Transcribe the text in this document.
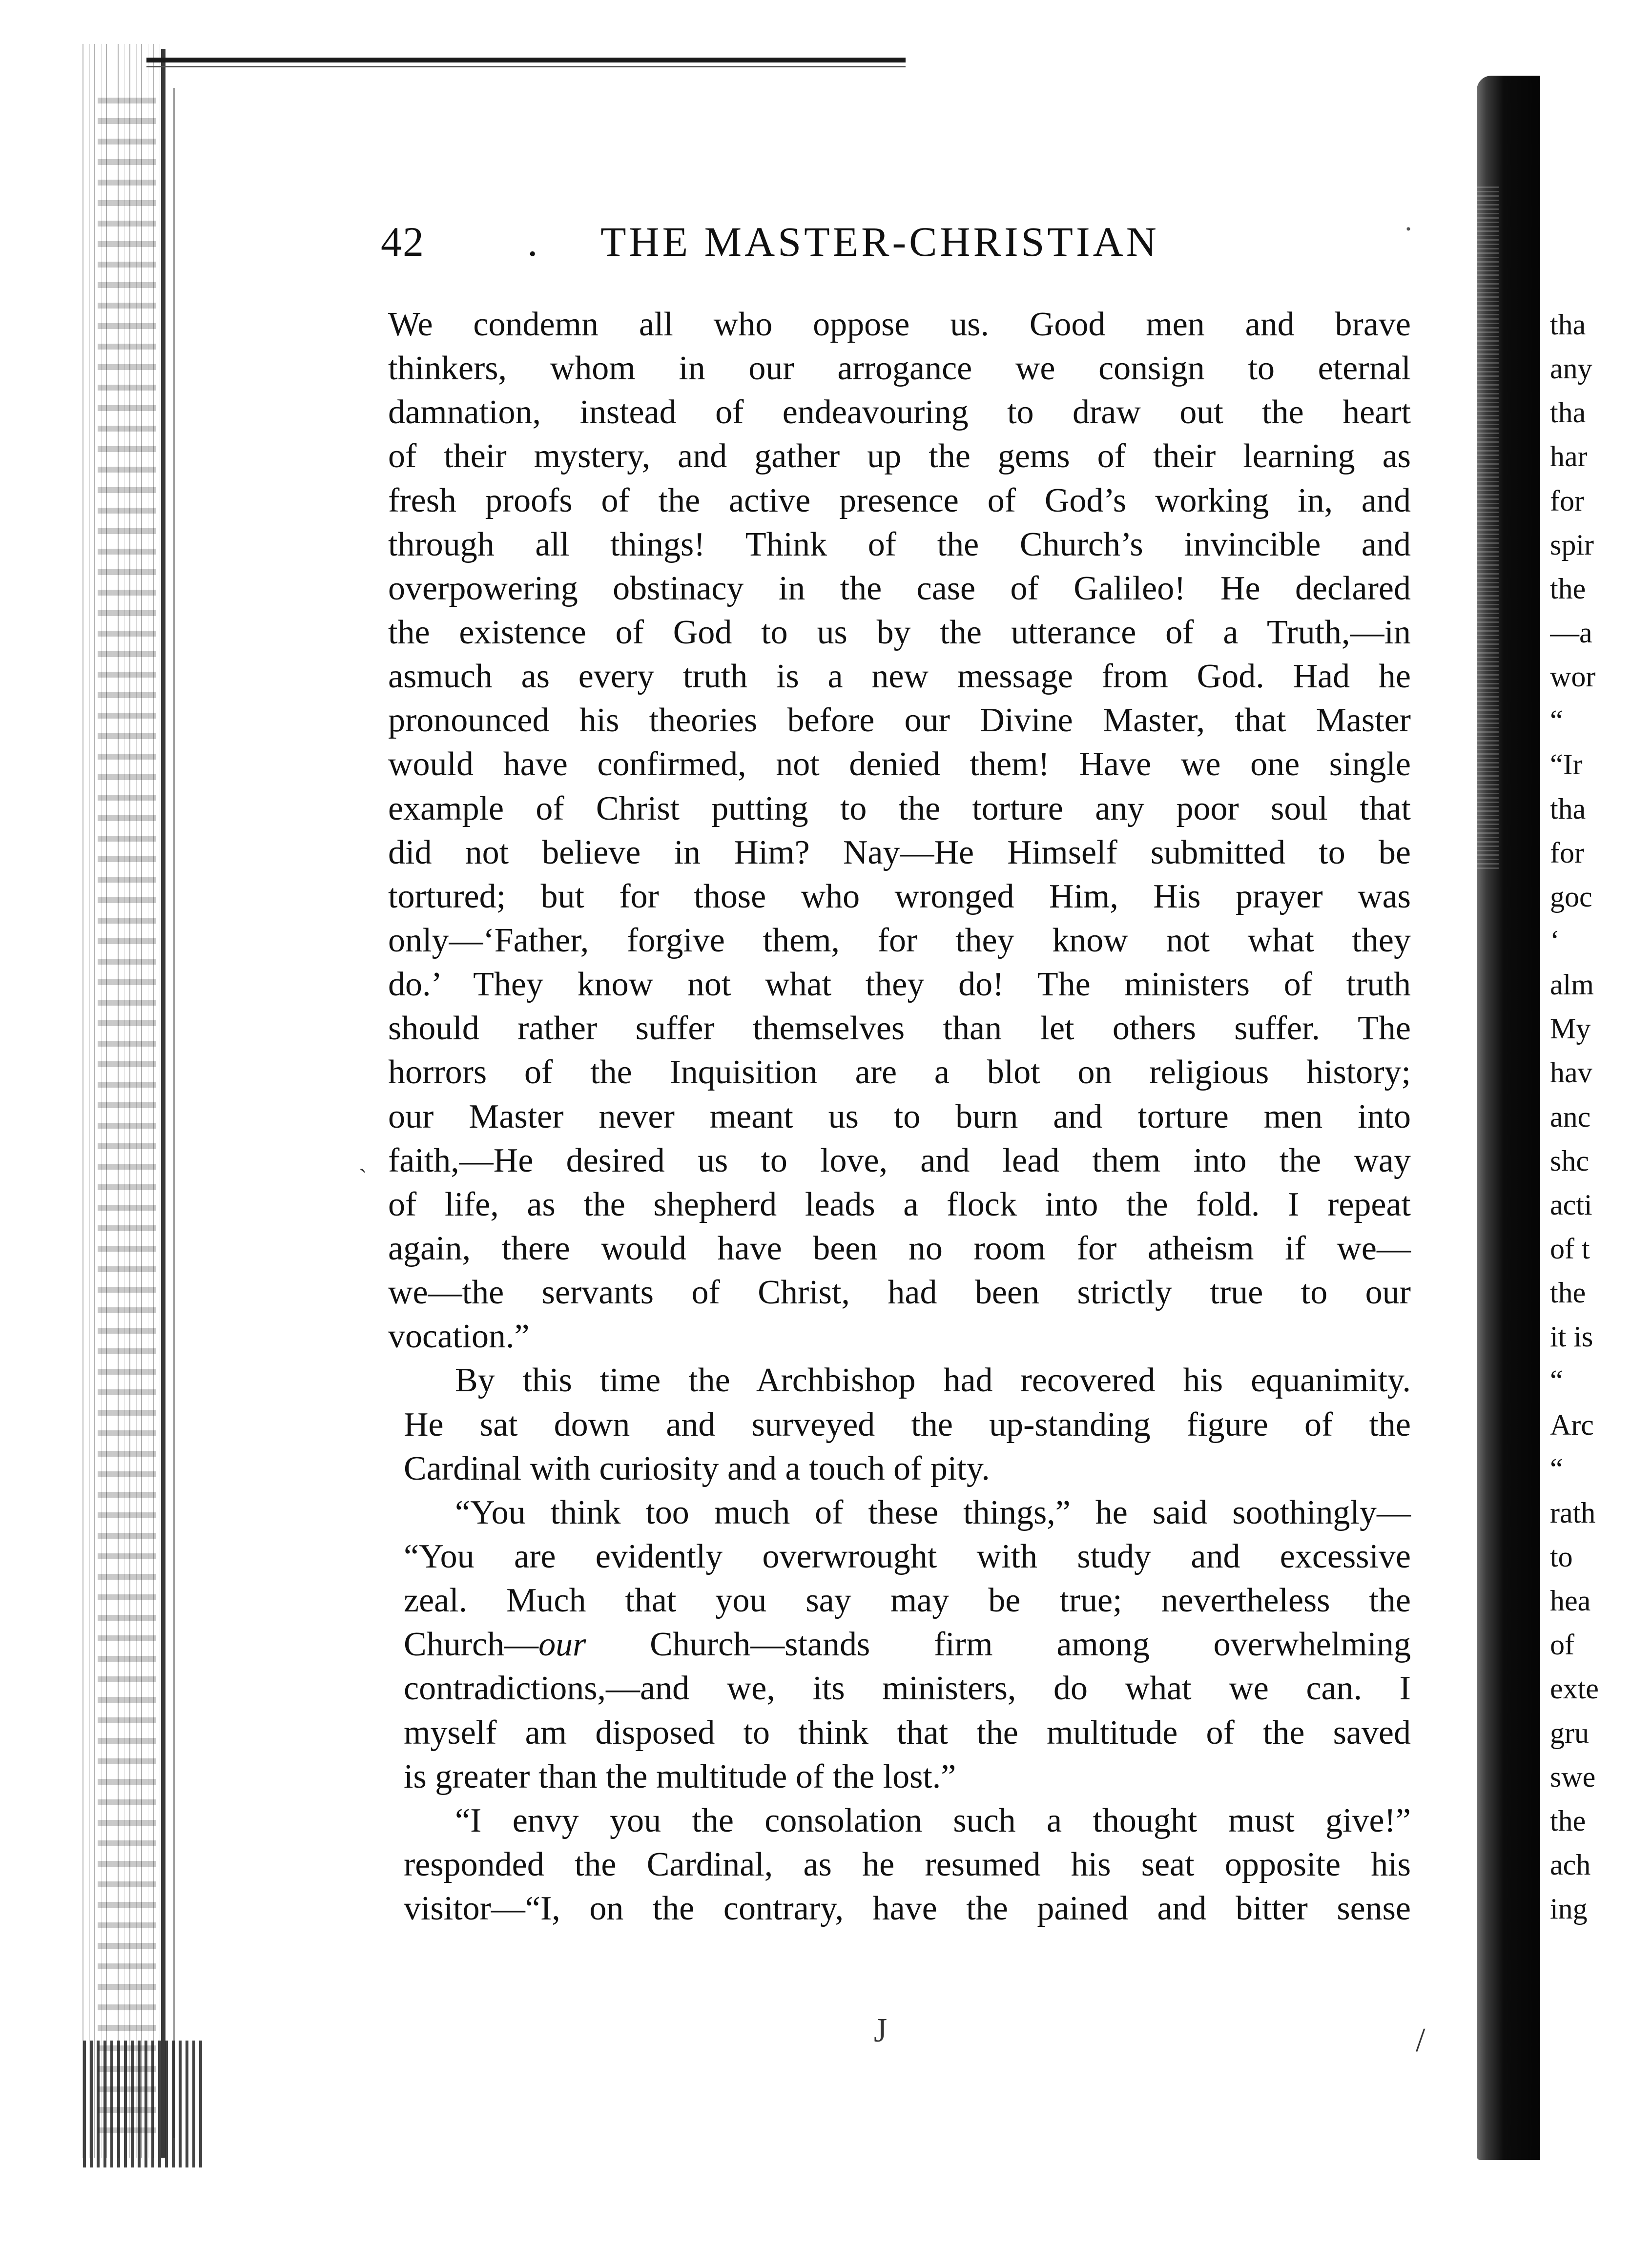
42 . THE MASTER-CHRISTIAN	·
We condemn all who oppose us. Good men and brave
thinkers, whom in our arrogance we consign to eternal
damnation, instead of endeavouring to draw out the heart
of their mystery, and gather up the gems of their learning as
fresh proofs of the active presence of God’s working in, and
through all things! Think of the Church’s invincible and
overpowering obstinacy in the case of Galileo! He declared
the existence of God to us by the utterance of a Truth,—in
asmuch as every truth is a new message from God. Had he
pronounced his theories before our Divine Master, that Master
would have confirmed, not denied them! Have we one single
example of Christ putting to the torture any poor soul that
did not believe in Him? Nay—He Himself submitted to be
tortured; but for those who wronged Him, His prayer was
only—‘Father, forgive them, for they know not what they
do.’ They know not what they do! The ministers of truth
should rather suffer themselves than let others suffer. The
horrors of the Inquisition are a blot on religious history;
our Master never meant us to burn and torture men into
faith,—He desired us to love, and lead them into the way
of life, as the shepherd leads a flock into the fold. I repeat
again, there would have been no room for atheism if we—
we—the servants of Christ, had been strictly true to our
vocation.”
By this time the Archbishop had recovered his equanimity.
He sat down and surveyed the up-standing figure of the
Cardinal with curiosity and a touch of pity.
“You think too much of these things,” he said soothingly—
“You are evidently overwrought with study and excessive
zeal. Much that you say may be true; nevertheless the
Church—our Church—stands firm among overwhelming
contradictions,—and we, its ministers, do what we can. I
myself am disposed to think that the multitude of the saved
is greater than the multitude of the lost.”
“I envy you the consolation such a thought must give!”
responded the Cardinal, as he resumed his seat opposite his
visitor—“I, on the contrary, have the pained and bitter sense
tha
any
tha
har
for
spir
the
—a
wor
“
“Ir
tha
for
goc
‘
alm
My
hav
anc
shc
acti
of t
the
it is
“
Arc
“
rath
to
hea
of
exte
gru
swe
the
ach
ing
J	/
ˎ
